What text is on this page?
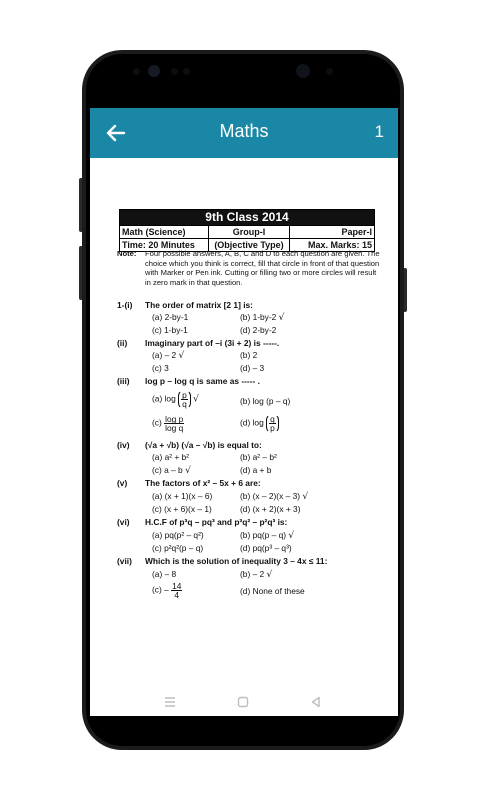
Maths	1
9th Class 2014
Math (Science)	Group-I	Paper-I
Time: 20 Minutes	(Objective Type)	Max. Marks: 15
Note:	Four possible answers, A, B, C and D to each question are given. The choice which you think is correct, fill that circle in front of that question with Marker or Pen ink. Cutting or filling two or more circles will result in zero mark in that question.
1-(i) The order of matrix [2 1] is:
(a) 2-by-1	(b) 1-by-2 √
(c) 1-by-1	(d) 2-by-2
(ii) Imaginary part of –i (3i + 2) is -----.
(a) – 2 √	(b) 2
(c) 3	(d) – 3
(iii) log p – log q is same as ----- .
(a) $\log \frac{p}{q}$ √	(b) log (p – q)
$(c) \frac{\text{log p}}{\text{log q}}$	(d) $\log \frac{q}{p}$
(iv) (√a + √b) (√a – √b) is equal to:
(a) a² + b²	(b) a² – b²
(c) a – b √	(d) a + b
(v) The factors of x² – 5x + 6 are:
(a) (x + 1)(x – 6)	(b) (x – 2)(x – 3) √
(c) (x + 6)(x – 1)	(d) (x + 2)(x + 3)
(vi) H.C.F of p³q – pq³ and p³q² – p²q³ is:
(a) pq(p² – q²)	(b) pq(p – q) √
(c) p²q²(p – q)	(d) pq(p³ – q³)
(vii) Which is the solution of inequality 3 – 4x ≤ 11:
(a) – 8	(b) – 2 √
$(c) - \frac{14}{4}$	(d) None of these
